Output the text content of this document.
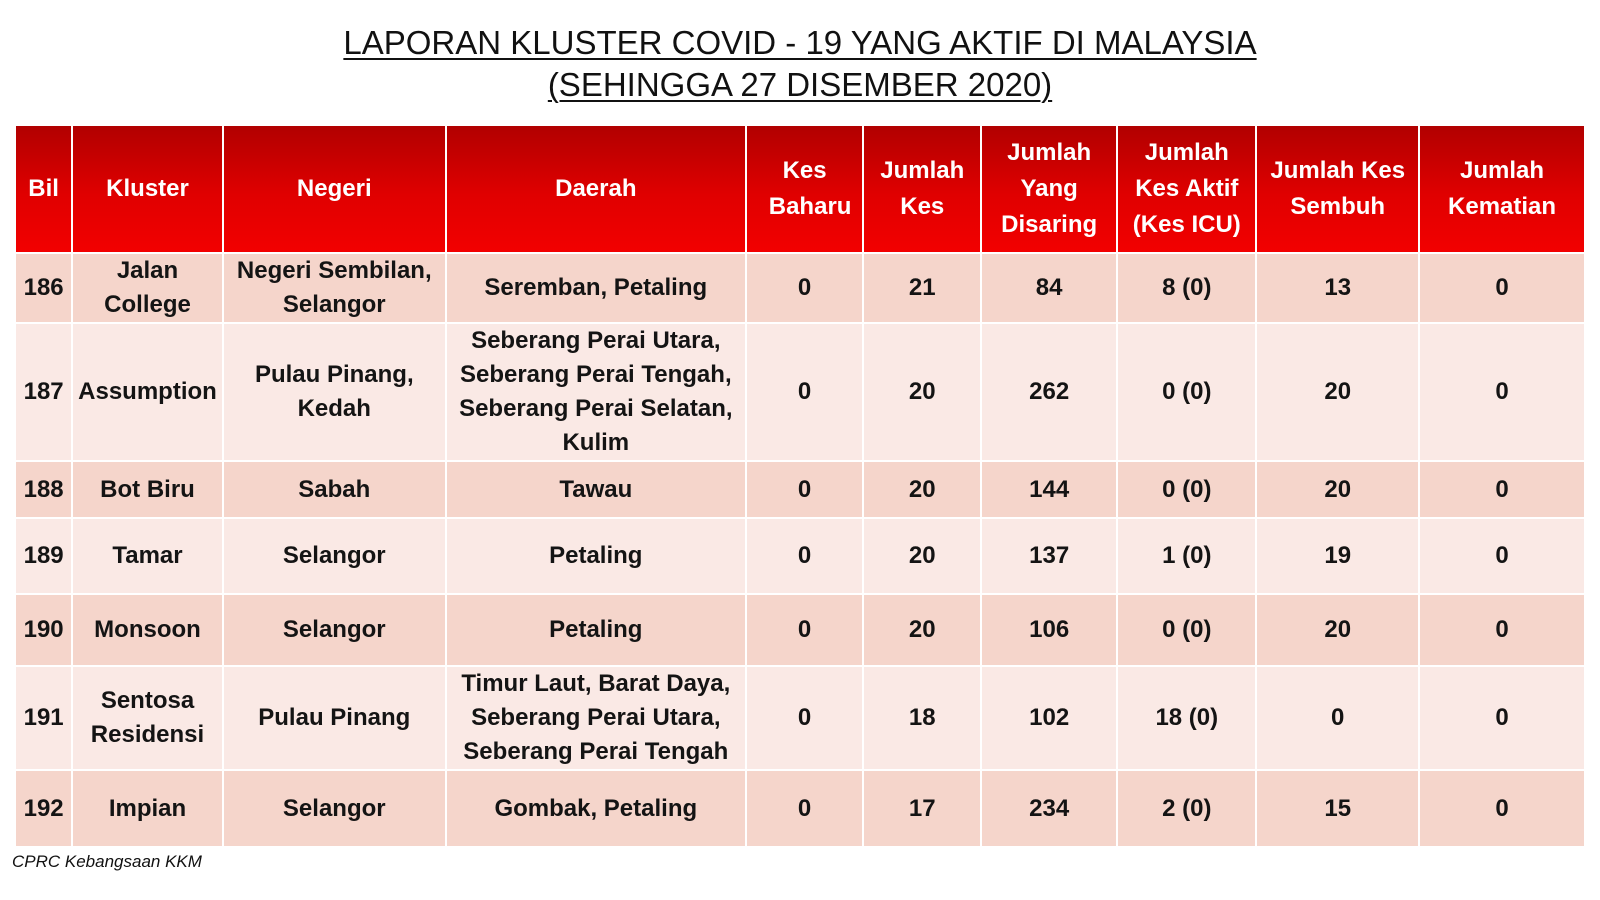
LAPORAN KLUSTER COVID - 19 YANG AKTIF DI MALAYSIA
(SEHINGGA 27 DISEMBER 2020)
Bil	Kluster	Negeri	Daerah	Kes Baharu	Jumlah Kes	Jumlah Yang Disaring	Jumlah Kes Aktif (Kes ICU)	Jumlah Kes Sembuh	Jumlah Kematian
186	Jalan College	Negeri Sembilan, Selangor	Seremban, Petaling	0	21	84	8 (0)	13	0
187	Assumption	Pulau Pinang, Kedah	Seberang Perai Utara, Seberang Perai Tengah, Seberang Perai Selatan, Kulim	0	20	262	0 (0)	20	0
188	Bot Biru	Sabah	Tawau	0	20	144	0 (0)	20	0
189	Tamar	Selangor	Petaling	0	20	137	1 (0)	19	0
190	Monsoon	Selangor	Petaling	0	20	106	0 (0)	20	0
191	Sentosa Residensi	Pulau Pinang	Timur Laut, Barat Daya, Seberang Perai Utara, Seberang Perai Tengah	0	18	102	18 (0)	0	0
192	Impian	Selangor	Gombak, Petaling	0	17	234	2 (0)	15	0
CPRC Kebangsaan KKM
